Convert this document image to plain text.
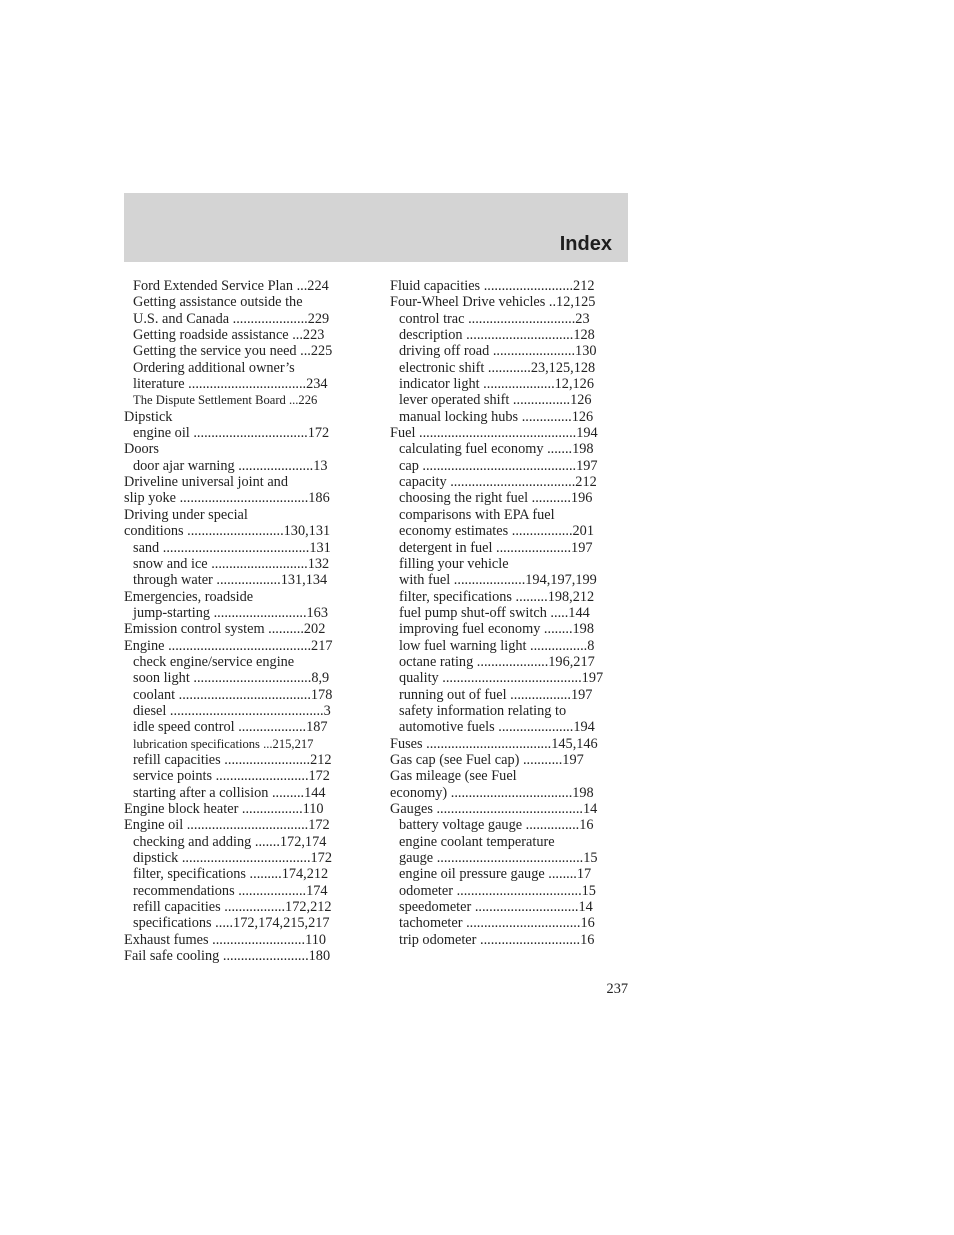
Index
Ford Extended Service Plan ...224
Getting assistance outside the
U.S. and Canada .....................229
Getting roadside assistance ...223
Getting the service you need ...225
Ordering additional owner’s
literature .................................234
The Dispute Settlement Board ...226
Dipstick
engine oil ................................172
Doors
door ajar warning .....................13
Driveline universal joint and
slip yoke ....................................186
Driving under special
conditions ...........................130,131
sand .........................................131
snow and ice ...........................132
through water ..................131,134
Emergencies, roadside
jump-starting ..........................163
Emission control system ..........202
Engine ........................................217
check engine/service engine
soon light .................................8,9
coolant .....................................178
diesel ...........................................3
idle speed control ...................187
lubrication specifications ...215,217
refill capacities ........................212
service points ..........................172
starting after a collision .........144
Engine block heater .................110
Engine oil ..................................172
checking and adding .......172,174
dipstick ....................................172
filter, specifications .........174,212
recommendations ...................174
refill capacities .................172,212
specifications .....172,174,215,217
Exhaust fumes ..........................110
Fail safe cooling ........................180
Fluid capacities .........................212
Four-Wheel Drive vehicles ..12,125
control trac ..............................23
description ..............................128
driving off road .......................130
electronic shift ............23,125,128
indicator light ....................12,126
lever operated shift ................126
manual locking hubs ..............126
Fuel ............................................194
calculating fuel economy .......198
cap ...........................................197
capacity ...................................212
choosing the right fuel ...........196
comparisons with EPA fuel
economy estimates .................201
detergent in fuel .....................197
filling your vehicle
with fuel ....................194,197,199
filter, specifications .........198,212
fuel pump shut-off switch .....144
improving fuel economy ........198
low fuel warning light ................8
octane rating ....................196,217
quality .......................................197
running out of fuel .................197
safety information relating to
automotive fuels .....................194
Fuses ...................................145,146
Gas cap (see Fuel cap) ...........197
Gas mileage (see Fuel
economy) ..................................198
Gauges .........................................14
battery voltage gauge ...............16
engine coolant temperature
gauge .........................................15
engine oil pressure gauge ........17
odometer ...................................15
speedometer .............................14
tachometer ................................16
trip odometer ............................16
237
